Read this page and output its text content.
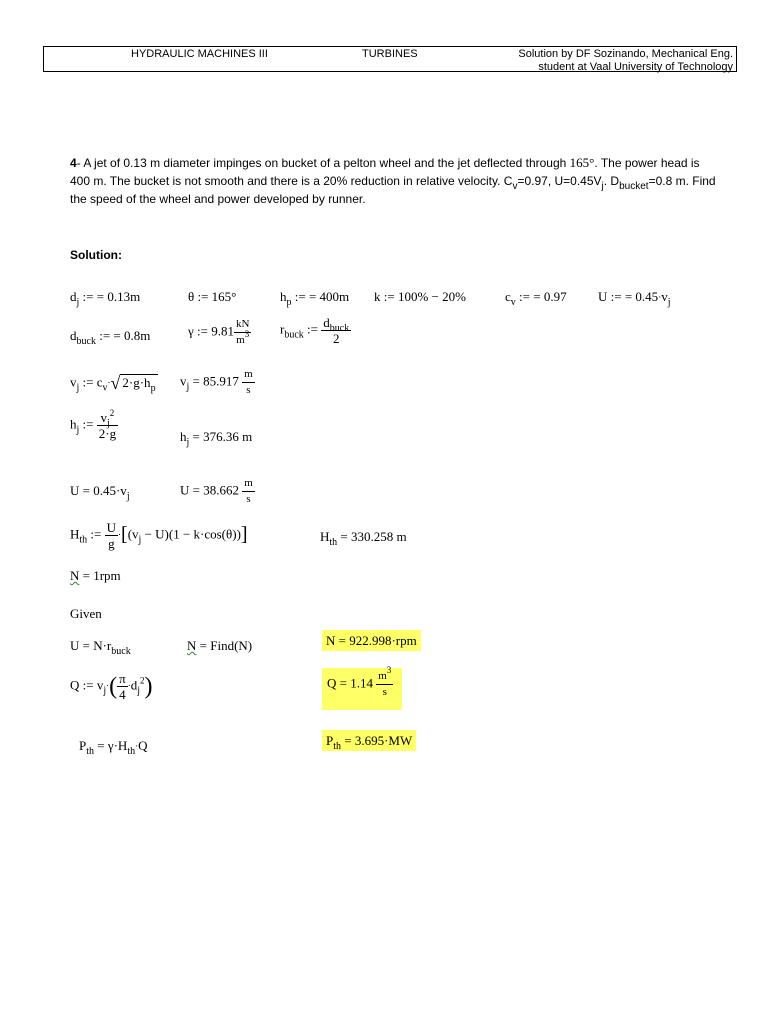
HYDRAULIC MACHINES III	TURBINES	Solution by DF Sozinando, Mechanical Eng.
student at Vaal University of Technology
4- A jet of 0.13 m diameter impinges on bucket of a pelton wheel and the jet deflected through 165°. The power head is 400 m. The bucket is not smooth and there is a 20% reduction in relative velocity. $C_v=0.97$, $U=0.45V_j$. $D_{bucket}=0.8$ m. Find the speed of the wheel and power developed by runner.
Solution:
$d_j$ := = 0.13m	θ := 165°	$h_p$ := = 400m k := 100% − 20%	$c_v$ := = 0.97 U := = $0.45\cdot v_j$
$d_{buck}$ := = 0.8m	γ := $9.81 \frac{kN}{m^3} r_{buck}$ := $\frac{d_{buck}}{2}$
$v_j$ := $c_v\cdot√$ $2\cdot g\cdot h_p$
$v_j = 85.917 \frac{m}{s}$
$h_j$ := $\frac{v_j^2}{2\cdot g}$	$h_j = 376.36$ m
$U = 0.45\cdot v_j$	$U = 38.662 \frac{m}{s}$
$H_{th}$ := $\frac{U}{g} \cdot[(v_j - U)(1 - k\cdot\cos(\theta))]$	$H_{th} = 330.258$ m
N = 1rpm
Given
$U = N\cdot r_{buck}$	N = Find(N)	N = 922.998·rpm
Q := $v_j\cdot( \frac{\pi}{4} \cdot d_j^2)$	$Q = 1.14 \frac{m^3}{s}$
$P_{th} = \gamma\cdot H_{th}\cdot Q$	$P_{th} = 3.695\cdot MW$
